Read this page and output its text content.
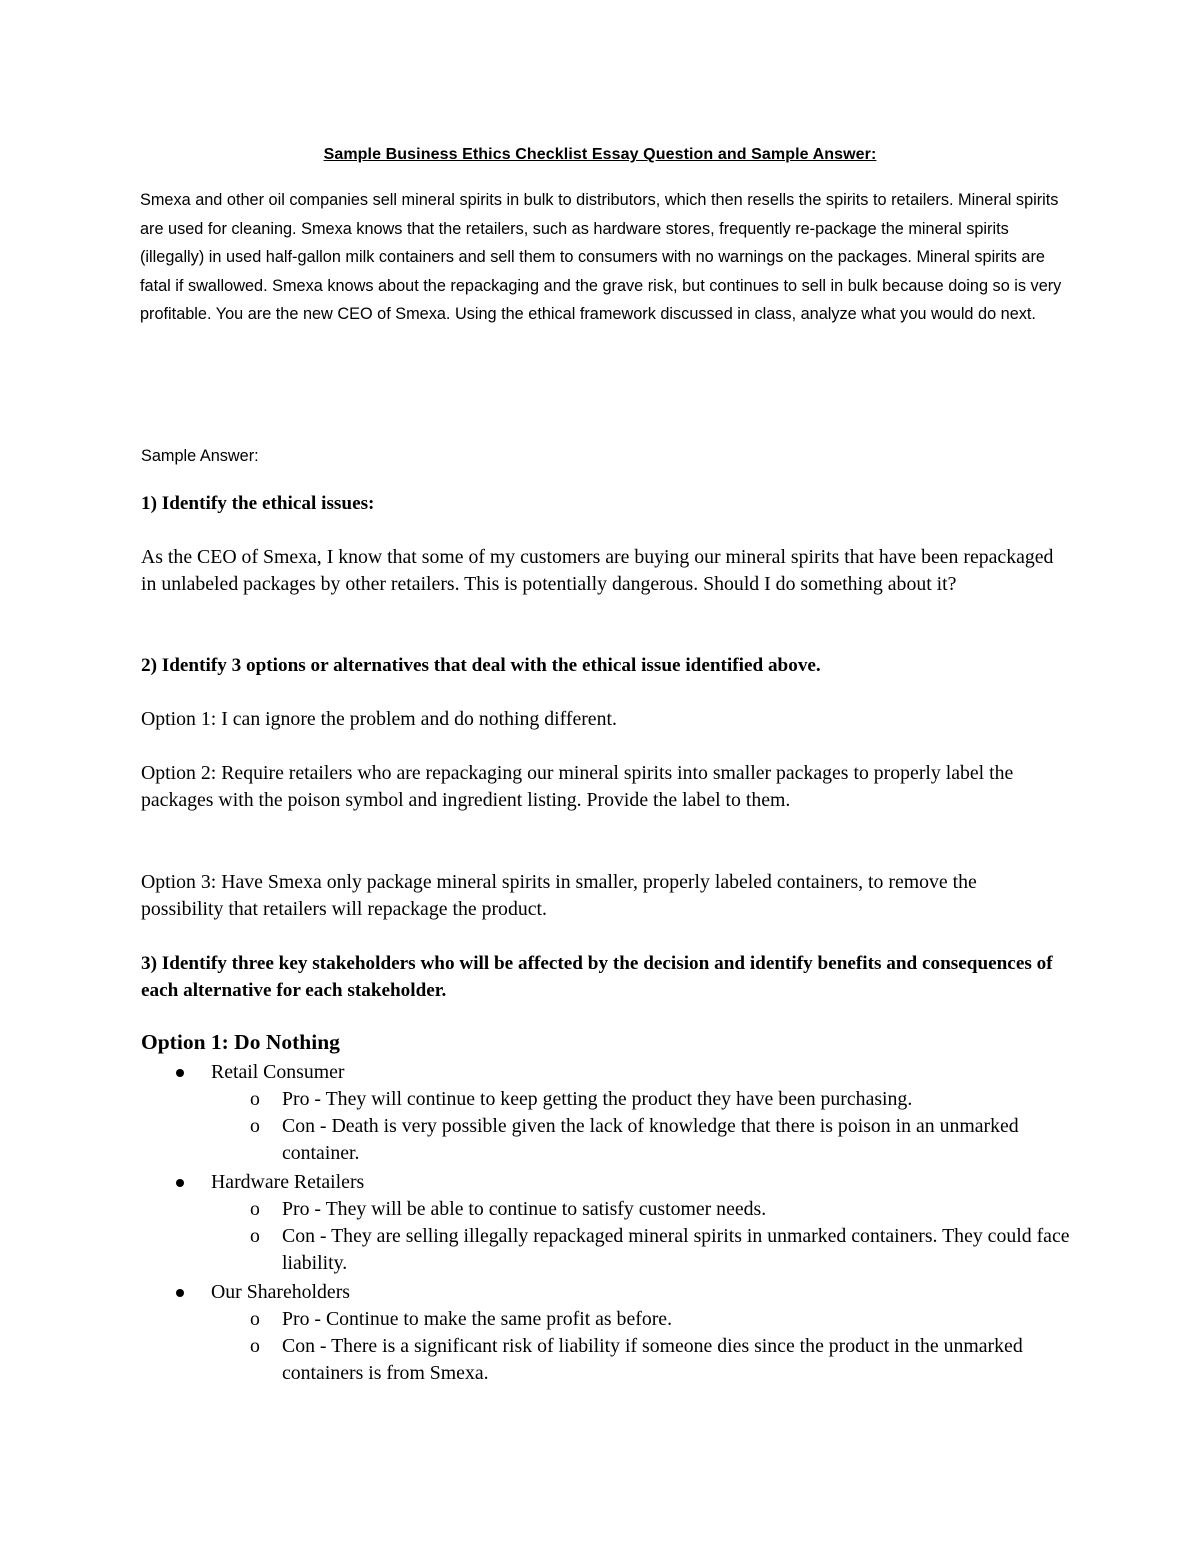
Sample Business Ethics Checklist Essay Question and Sample Answer:

Smexa and other oil companies sell mineral spirits in bulk to distributors, which then resells the spirits to retailers. Mineral spirits are used for cleaning. Smexa knows that the retailers, such as hardware stores, frequently re-package the mineral spirits (illegally) in used half-gallon milk containers and sell them to consumers with no warnings on the packages. Mineral spirits are fatal if swallowed. Smexa knows about the repackaging and the grave risk, but continues to sell in bulk because doing so is very profitable. You are the new CEO of Smexa. Using the ethical framework discussed in class, analyze what you would do next.

Sample Answer:

1) Identify the ethical issues:

As the CEO of Smexa, I know that some of my customers are buying our mineral spirits that have been repackaged in unlabeled packages by other retailers. This is potentially dangerous. Should I do something about it?

2) Identify 3 options or alternatives that deal with the ethical issue identified above.

Option 1: I can ignore the problem and do nothing different.

Option 2: Require retailers who are repackaging our mineral spirits into smaller packages to properly label the packages with the poison symbol and ingredient listing. Provide the label to them.

Option 3: Have Smexa only package mineral spirits in smaller, properly labeled containers, to remove the possibility that retailers will repackage the product.

3) Identify three key stakeholders who will be affected by the decision and identify benefits and consequences of each alternative for each stakeholder.

Option 1: Do Nothing

Retail Consumer
o Pro - They will continue to keep getting the product they have been purchasing.
o Con - Death is very possible given the lack of knowledge that there is poison in an unmarked container.
Hardware Retailers
o Pro - They will be able to continue to satisfy customer needs.
o Con - They are selling illegally repackaged mineral spirits in unmarked containers. They could face liability.
Our Shareholders
o Pro - Continue to make the same profit as before.
o Con - There is a significant risk of liability if someone dies since the product in the unmarked containers is from Smexa.
